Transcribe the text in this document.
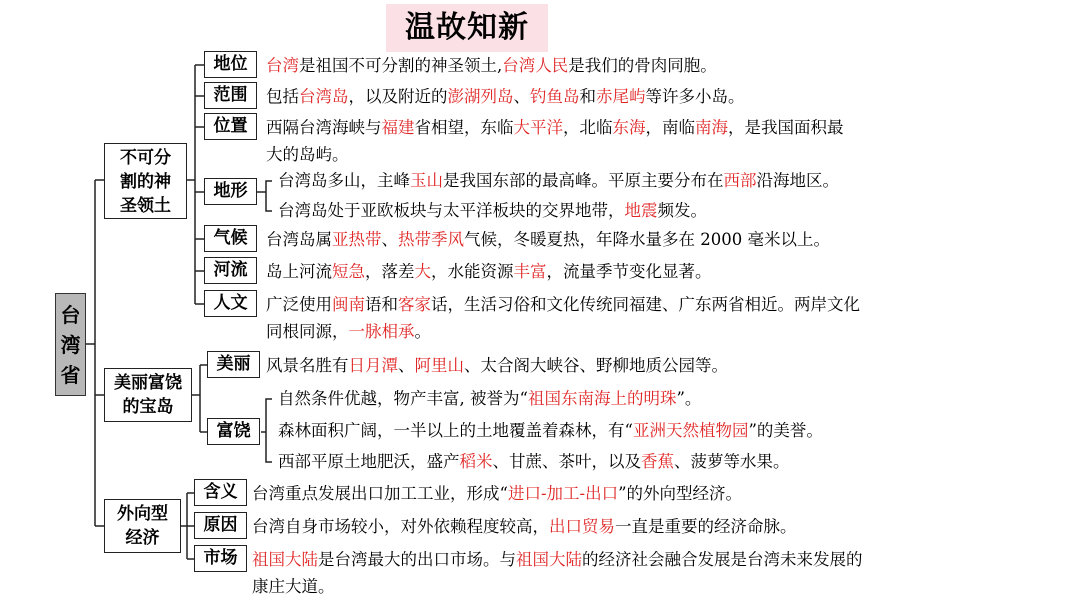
温故知新
台
湾
省
不可分
割的神
圣领土
美丽富饶
的宝岛
外向型
经济
地位
范围
位置
地形
气候
河流
人文
美丽
富饶
含义
原因
市场
台湾是祖国不可分割的神圣领土,台湾人民是我们的骨肉同胞。
包括台湾岛，以及附近的澎湖列岛、钓鱼岛和赤尾屿等许多小岛。
西隔台湾海峡与福建省相望，东临大平洋，北临东海，南临南海，是我国面积最
大的岛屿。
台湾岛多山，主峰玉山是我国东部的最高峰。平原主要分布在西部沿海地区。
台湾岛处于亚欧板块与太平洋板块的交界地带，地震频发。
台湾岛属亚热带、热带季风气候，冬暖夏热，年降水量多在 2000 毫米以上。
岛上河流短急，落差大，水能资源丰富，流量季节变化显著。
广泛使用闽南语和客家话，生活习俗和文化传统同福建、广东两省相近。两岸文化
同根同源，一脉相承。
风景名胜有日月潭、阿里山、太合阁大峡谷、野柳地质公园等。
自然条件优越，物产丰富, 被誉为“祖国东南海上的明珠”。
森林面积广阔，一半以上的土地覆盖着森林，有“亚洲天然植物园”的美誉。
西部平原土地肥沃，盛产稻米、甘蔗、茶叶，以及香蕉、菠萝等水果。
台湾重点发展出口加工工业，形成“进口-加工-出口”的外向型经济。
台湾自身市场较小，对外依赖程度较高，出口贸易一直是重要的经济命脉。
祖国大陆是台湾最大的出口市场。与祖国大陆的经济社会融合发展是台湾未来发展的
康庄大道。
